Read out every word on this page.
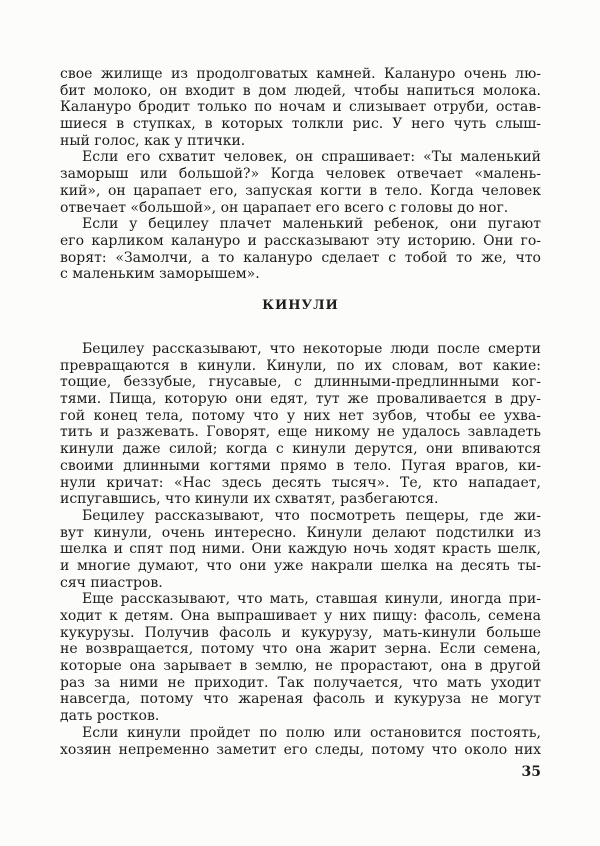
свое жилище из продолговатых камней. Калануро очень лю-
бит молоко, он входит в дом людей, чтобы напиться молока.
Калануро бродит только по ночам и слизывает отруби, остав-
шиеся в ступках, в которых толкли рис. У него чуть слыш-
ный голос, как у птички.
Если его схватит человек, он спрашивает: «Ты маленький
заморыш или большой?» Когда человек отвечает «малень-
кий», он царапает его, запуская когти в тело. Когда человек
отвечает «большой», он царапает его всего с головы до ног.
Если у бецилеу плачет маленький ребенок, они пугают
его карликом калануро и рассказывают эту историю. Они го-
ворят: «Замолчи, а то калануро сделает с тобой то же, что
с маленьким заморышем».
КИНУЛИ
Бецилеу рассказывают, что некоторые люди после смерти
превращаются в кинули. Кинули, по их словам, вот какие:
тощие, беззубые, гнусавые, с длинными-предлинными ког-
тями. Пища, которую они едят, тут же проваливается в дру-
гой конец тела, потому что у них нет зубов, чтобы ее ухва-
тить и разжевать. Говорят, еще никому не удалось завладеть
кинули даже силой; когда с кинули дерутся, они впиваются
своими длинными когтями прямо в тело. Пугая врагов, ки-
нули кричат: «Нас здесь десять тысяч». Те, кто нападает,
испугавшись, что кинули их схватят, разбегаются.
Бецилеу рассказывают, что посмотреть пещеры, где жи-
вут кинули, очень интересно. Кинули делают подстилки из
шелка и спят под ними. Они каждую ночь ходят красть шелк,
и многие думают, что они уже накрали шелка на десять ты-
сяч пиастров.
Еще рассказывают, что мать, ставшая кинули, иногда при-
ходит к детям. Она выпрашивает у них пищу: фасоль, семена
кукурузы. Получив фасоль и кукурузу, мать-кинули больше
не возвращается, потому что она жарит зерна. Если семена,
которые она зарывает в землю, не прорастают, она в другой
раз за ними не приходит. Так получается, что мать уходит
навсегда, потому что жареная фасоль и кукуруза не могут
дать ростков.
Если кинули пройдет по полю или остановится постоять,
хозяин непременно заметит его следы, потому что около них
35
